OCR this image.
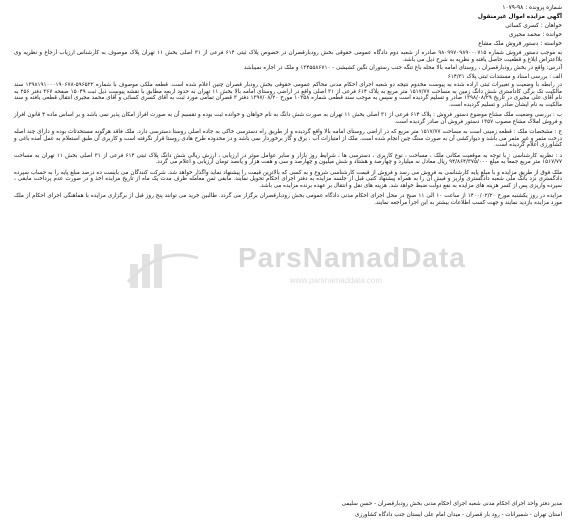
شماره پرونده : ۹۸-۱۰۷۹
آگهی مزایده اموال غیرمنقول
خواهان : کسری کسائی
خوانده : محمد مجیری
خواسته : دستور فروش ملک مشاع

به موجب دستور فروش شماره ۹۸۰۹۹۷۰۹۸۹۰۰۰۷۱۵ صادره از شعبه دوم دادگاه عمومی حقوقی بخش رودبارقصران در خصوص پلاک ثبتی ۶۱۴ فرعی از ۳۱ اصلی بخش ۱۱ تهران پلاک موصوف به کارشناس ارزیاب ارجاع و نظریه وی بلااعتراض ابلاغ و قطعیت حاصل یافته و نظریه به شرح ذیل می باشد.

آدرس: واقع در بخش رودبارقصران ، روستای امامه بالا محله باغ تنگه جنب رستوران نگین کشیشی - ۱۳۴۵۵۸۶۷۱۰ و ملک در اجاره نمیباشد

الف : بررسی اسناد و مستندات ثبتی پلاک ۶۱۴/۳۱

در رابطه با وضعیت و تغییرات ثبتی اراده شده به پیوست مخدوم نتیجه دو شعبه اجرای احکام مدنی محاکم عمومی حقوقی بخش رودبار قصران چنین اعلام شده است. قطعه ملکی موصوف با شماره ۵۹۶۵۲۲-۱۳۹۸۱۹۱۰۰۰۱۹۰۶۷۸ سند مالکیت تک برگی کاداستری شش دانگ زمین به مساحت ۱۵۱۷/۷۷ متر مربع به پلاک ۶۱۴ فرعی از ۳۱ اصلی واقع در اراضی روستای امامه بالا بخش ۱۱ تهران به حدود اربعه مطابق با نقشه پیوست ذیل ثبت ۱۵۰۴۹ صفحه ۳۶۷ دفتر ۲۵۶ به نام آقای علی مجیری در تاریخ ۱۳۹۸/۰۸/۲۹ صادر و تسلیم گردیده است و سپس به موجب سند قطعی شماره ۱۰۳۵۸ مورخ ۱۳۹۷/۰۸/۲۰ دفتر ۳ قصران تمامی مورد ثبت به آقای کسری کسائی و آقای محمد مجیری انتقال قطعی یافته و سند مالکیت به نام ایشان صادر و تسلیم گردیده است.

ب : بررسی وضعیت ملک مشاع موضوع دستور فروش : پلاک ۶۱۴ فرعی از ۳۱ اصلی بخش ۱۱ تهران به صورت شش دانگ به نام خواهان و خوانده ثبت بوده و تقسیم آن به صورت افراز امکان پذیر نمی باشد و بر اساس ماده ۴ قانون افراز و فروش املاک مشاع مصوب ۱۳۵۷ دستور فروش آن صادر گردیده است.

ج : مشخصات ملک : قطعه زمینی است به مساحت ۱۵۱۷/۷۷ متر مربع که در اراضی روستای امامه بالا واقع گردیده و از طریق راه دسترسی خاکی به جاده اصلی روستا دسترسی دارد. ملک فاقد هرگونه مستحدثات بوده و دارای چند اصله درخت مثمر و غیر مثمر می باشد و دیوارکشی آن به صورت سنگ چین انجام شده است. ملک از امتیازات آب ، برق و گاز برخوردار نمی باشد و در محدوده طرح هادی روستا قرار نگرفته است و کاربری آن طبق استعلام به عمل آمده باغی و کشاورزی اعلام گردیده است.

د : نظریه کارشناسی : با توجه به موقعیت مکانی ملک ، مساحت ، نوع کاربری ، دسترسی ها ، شرایط روز بازار و سایر عوامل موثر در ارزیابی ، ارزش ریالی شش دانگ پلاک ثبتی ۶۱۴ فرعی از ۳۱ اصلی بخش ۱۱ تهران به مساحت ۱۵۱۷/۷۷ متر مربع جمعاً به مبلغ ۹۴/۸۶۴/۳۷۵/۰۰۰ ریال معادل نه میلیارد و چهارصد و هشتاد و شش میلیون و چهارصد و سی و هفت هزار و پانصد تومان ارزیابی و اعلام می گردد.

ملک فوق از طریق مزایده و با مبلغ پایه کارشناسی به فروش می رسد و فروش از قیمت کارشناسی شروع و به کسی که بالاترین قیمت را پیشنهاد نماید واگذار خواهد شد. شرکت کنندگان می بایست ده درصد مبلغ پایه را به حساب سپرده دادگستری نزد بانک ملی شعبه دادگستری واریز و فیش آن را به همراه پیشنهاد کتبی قبل از جلسه مزایده به دفتر اجرای احکام تحویل نمایند. مابقی ثمن معامله ظرف مدت یک ماه از تاریخ مزایده اخذ و در صورت عدم پرداخت مابقی ، سپرده واریزی پس از کسر هزینه های مزایده به نفع دولت ضبط خواهد شد. هزینه های نقل و انتقال بر عهده برنده مزایده می باشد.

مزایده در روز یکشنبه مورخ ۱۴۰۰/۰۲/۲۰ از ساعت ۱۰ الی ۱۱ صبح در محل اجرای احکام مدنی دادگاه عمومی بخش رودبارقصران برگزار می گردد. طالبین خرید می توانند پنج روز قبل از برگزاری مزایده با هماهنگی اجرای احکام از ملک مورد مزایده بازدید نمایند و جهت کسب اطلاعات بیشتر به این اجرا مراجعه نمایند.

مدیر دفتر واحد اجرای احکام مدنی شعبه اجرای احکام مدنی بخش رودبارقصران - حسن سلیمی
استان تهران - شمیرانات - رود بار قصران - میدان امام علی ایستان جنب دادگاه کشاورزی
ParsNamadData
www.parsnamaddata.com
